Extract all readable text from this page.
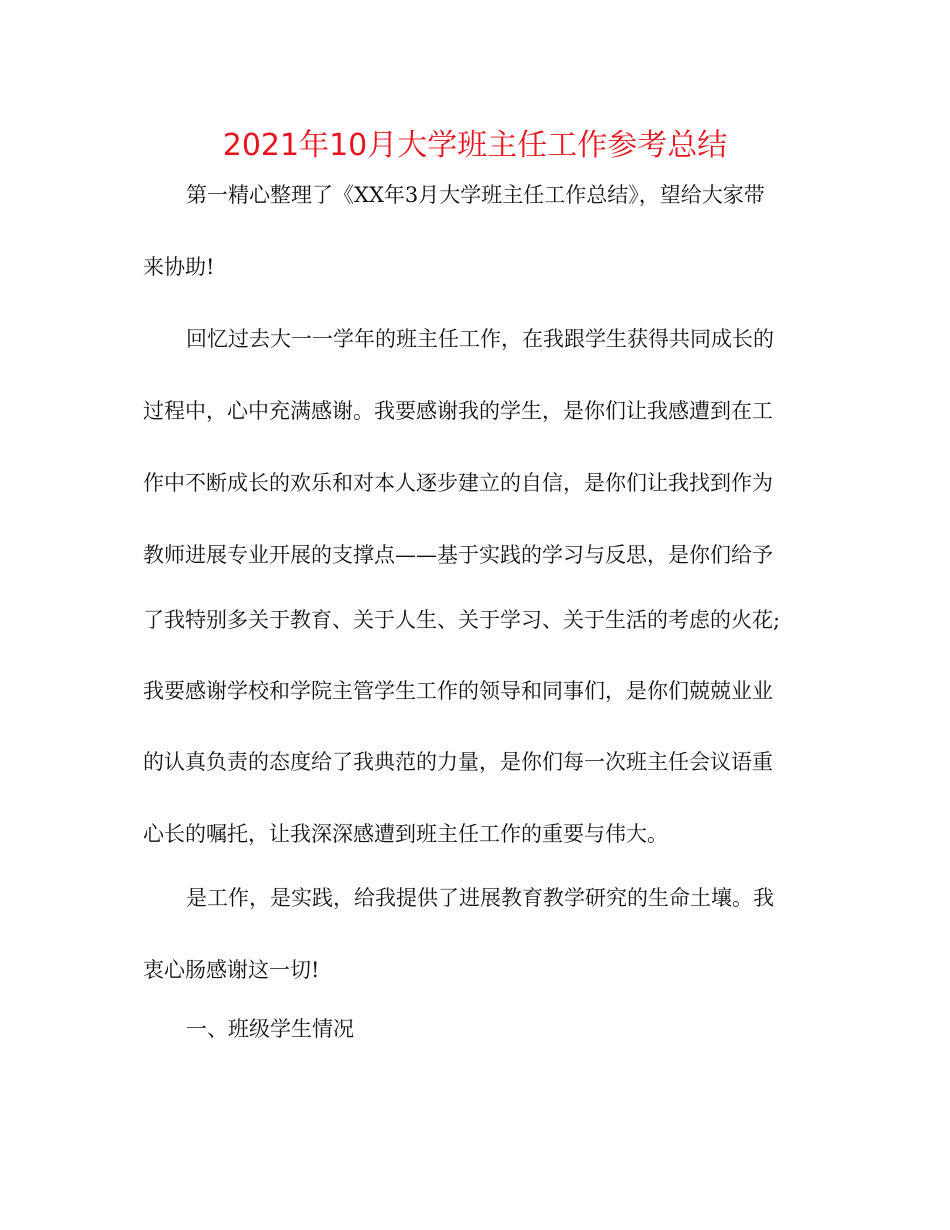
2021年10月大学班主任工作参考总结
第一精心整理了《XX年3月大学班主任工作总结》，望给大家带
来协助!
回忆过去大一一学年的班主任工作，在我跟学生获得共同成长的
过程中，心中充满感谢。我要感谢我的学生，是你们让我感遭到在工
作中不断成长的欢乐和对本人逐步建立的自信，是你们让我找到作为
教师进展专业开展的支撑点——基于实践的学习与反思，是你们给予
了我特别多关于教育、关于人生、关于学习、关于生活的考虑的火花;
我要感谢学校和学院主管学生工作的领导和同事们，是你们兢兢业业
的认真负责的态度给了我典范的力量，是你们每一次班主任会议语重
心长的嘱托，让我深深感遭到班主任工作的重要与伟大。
是工作，是实践，给我提供了进展教育教学研究的生命土壤。我
衷心肠感谢这一切!
一、班级学生情况
